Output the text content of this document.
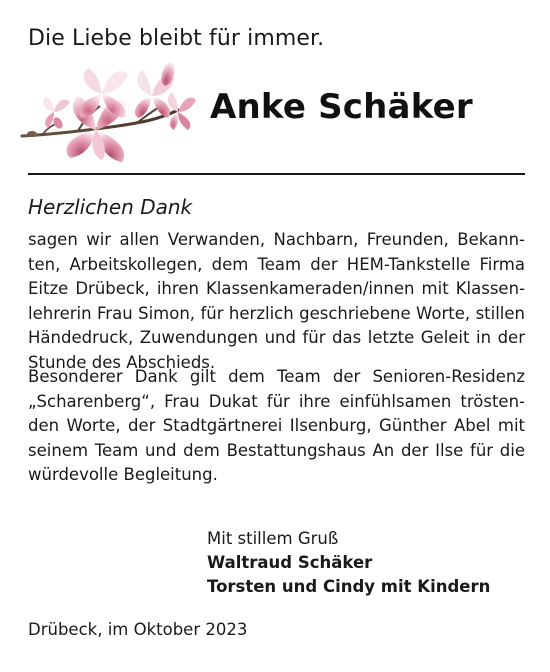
Die Liebe bleibt für immer.
Anke Schäker
Herzlichen Dank
sagen wir allen Verwanden, Nachbarn, Freunden, Bekann-
ten, Arbeitskollegen, dem Team der HEM-Tankstelle Firma
Eitze Drübeck, ihren Klassenkameraden/innen mit Klassen-
lehrerin Frau Simon, für herzlich geschriebene Worte, stillen
Händedruck, Zuwendungen und für das letzte Geleit in der
Stunde des Abschieds.
Besonderer Dank gilt dem Team der Senioren-Residenz
„Scharenberg“, Frau Dukat für ihre einfühlsamen trösten-
den Worte, der Stadtgärtnerei Ilsenburg, Günther Abel mit
seinem Team und dem Bestattungshaus An der Ilse für die
würdevolle Begleitung.
Mit stillem Gruß
Waltraud Schäker
Torsten und Cindy mit Kindern
Drübeck, im Oktober 2023
